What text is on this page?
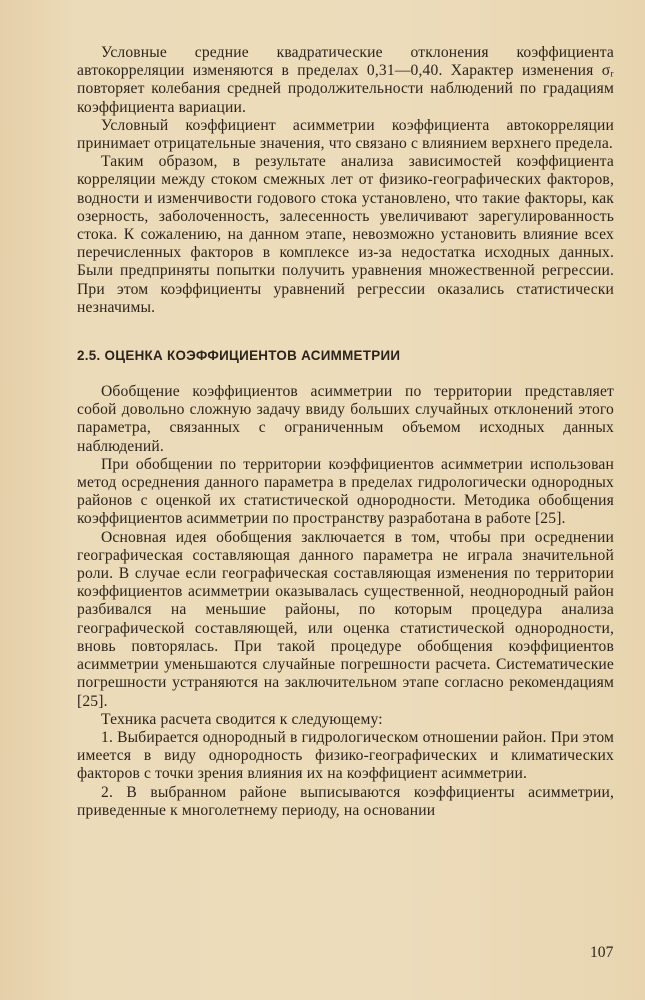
Условные средние квадратические отклонения коэффициента автокорреляции изменяются в пределах 0,31—0,40. Характер изменения σᵣ повторяет колебания средней продолжительности наблюдений по градациям коэффициента вариации.

Условный коэффициент асимметрии коэффициента автокорреляции принимает отрицательные значения, что связано с влиянием верхнего предела.

Таким образом, в результате анализа зависимостей коэффициента корреляции между стоком смежных лет от физико-географических факторов, водности и изменчивости годового стока установлено, что такие факторы, как озерность, заболоченность, залесенность увеличивают зарегулированность стока. К сожалению, на данном этапе, невозможно установить влияние всех перечисленных факторов в комплексе из-за недостатка исходных данных. Были предприняты попытки получить уравнения множественной регрессии. При этом коэффициенты уравнений регрессии оказались статистически незначимы.

2.5. ОЦЕНКА КОЭФФИЦИЕНТОВ АСИММЕТРИИ

Обобщение коэффициентов асимметрии по территории представляет собой довольно сложную задачу ввиду больших случайных отклонений этого параметра, связанных с ограниченным объемом исходных данных наблюдений.

При обобщении по территории коэффициентов асимметрии использован метод осреднения данного параметра в пределах гидрологически однородных районов с оценкой их статистической однородности. Методика обобщения коэффициентов асимметрии по пространству разработана в работе [25].

Основная идея обобщения заключается в том, чтобы при осреднении географическая составляющая данного параметра не играла значительной роли. В случае если географическая составляющая изменения по территории коэффициентов асимметрии оказывалась существенной, неоднородный район разбивался на меньшие районы, по которым процедура анализа географической составляющей, или оценка статистической однородности, вновь повторялась. При такой процедуре обобщения коэффициентов асимметрии уменьшаются случайные погрешности расчета. Систематические погрешности устраняются на заключительном этапе согласно рекомендациям [25].

Техника расчета сводится к следующему:

1. Выбирается однородный в гидрологическом отношении район. При этом имеется в виду однородность физико-географических и климатических факторов с точки зрения влияния их на коэффициент асимметрии.

2. В выбранном районе выписываются коэффициенты асимметрии, приведенные к многолетнему периоду, на основании

107
